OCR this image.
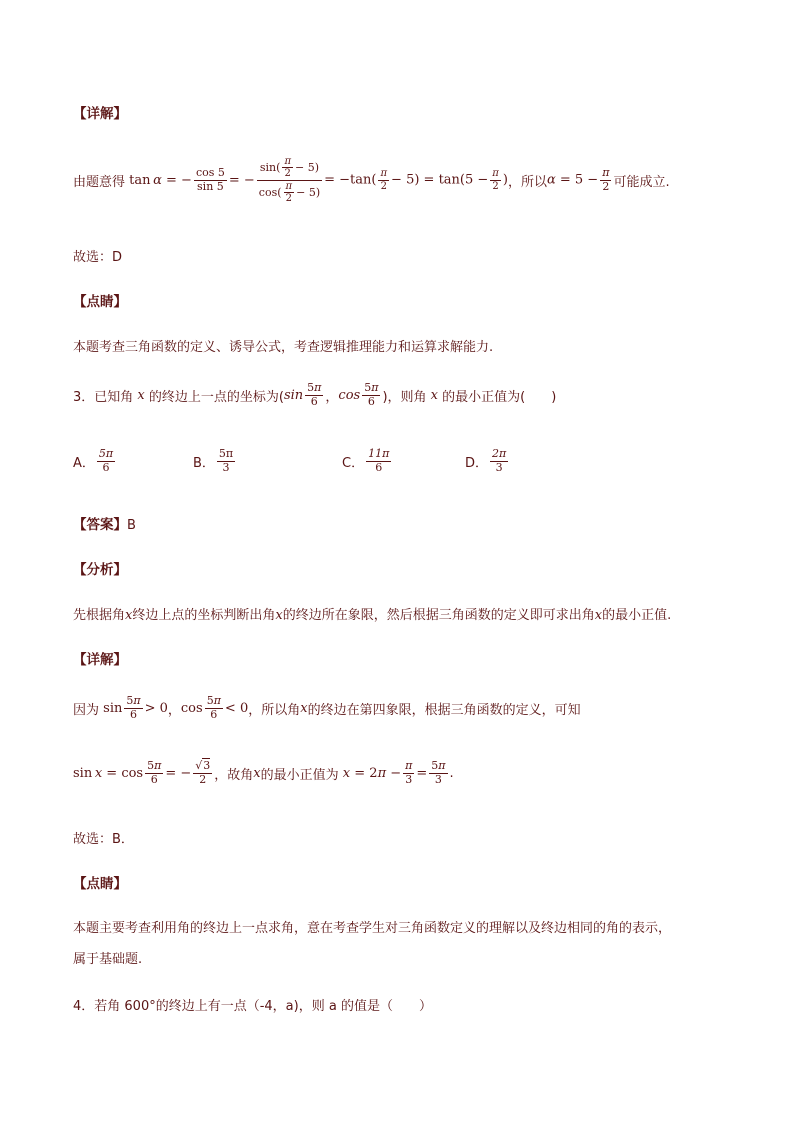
【详解】
由题意得 tan α = − $\frac{\cos 5}{\sin 5}$ = − $\frac{\sin( \frac{\pi}{2} - 5)}{\cos( \frac{\pi}{2} - 5)} = -\tan( \frac{\pi}{2} - 5) = \tan(5 - \frac{\pi}{2}$ ) ，所以 $\alpha = 5 - \frac{\pi}{2}$ 可能成立.
故选：D
【点睛】
本题考查三角函数的定义、诱导公式，考查逻辑推理能力和运算求解能力.
3．已知角 x 的终边上一点的坐标为( $\sin \frac{5\pi}{6}$ ， $\cos \frac{5\pi}{6}$ )，则角 x 的最小正值为(　　)
A． $\frac{5\pi}{6}$	B． $\frac{5\pi}{3}$	C． $\frac{11\pi}{6}$	D． $\frac{2\pi}{3}$
【答案】B
【分析】
先根据角x终边上点的坐标判断出角x的终边所在象限，然后根据三角函数的定义即可求出角x的最小正值.
【详解】
因为 $\sin \frac{5\pi}{6} > 0$ ， $\cos \frac{5\pi}{6} < 0$ ，所以角 x 的终边在第四象限，根据三角函数的定义，可知
$\sin x = \cos \frac{5\pi}{6}$ = − $\frac{√3}{2}$ ，故角 x 的最小正值为 $x = 2\pi - \frac{\pi}{3} = \frac{5\pi}{3}$ .
故选：B．
【点睛】
本题主要考查利用角的终边上一点求角，意在考查学生对三角函数定义的理解以及终边相同的角的表示，
属于基础题.
4．若角 600°的终边上有一点（-4，a)，则 a 的值是（　　）
